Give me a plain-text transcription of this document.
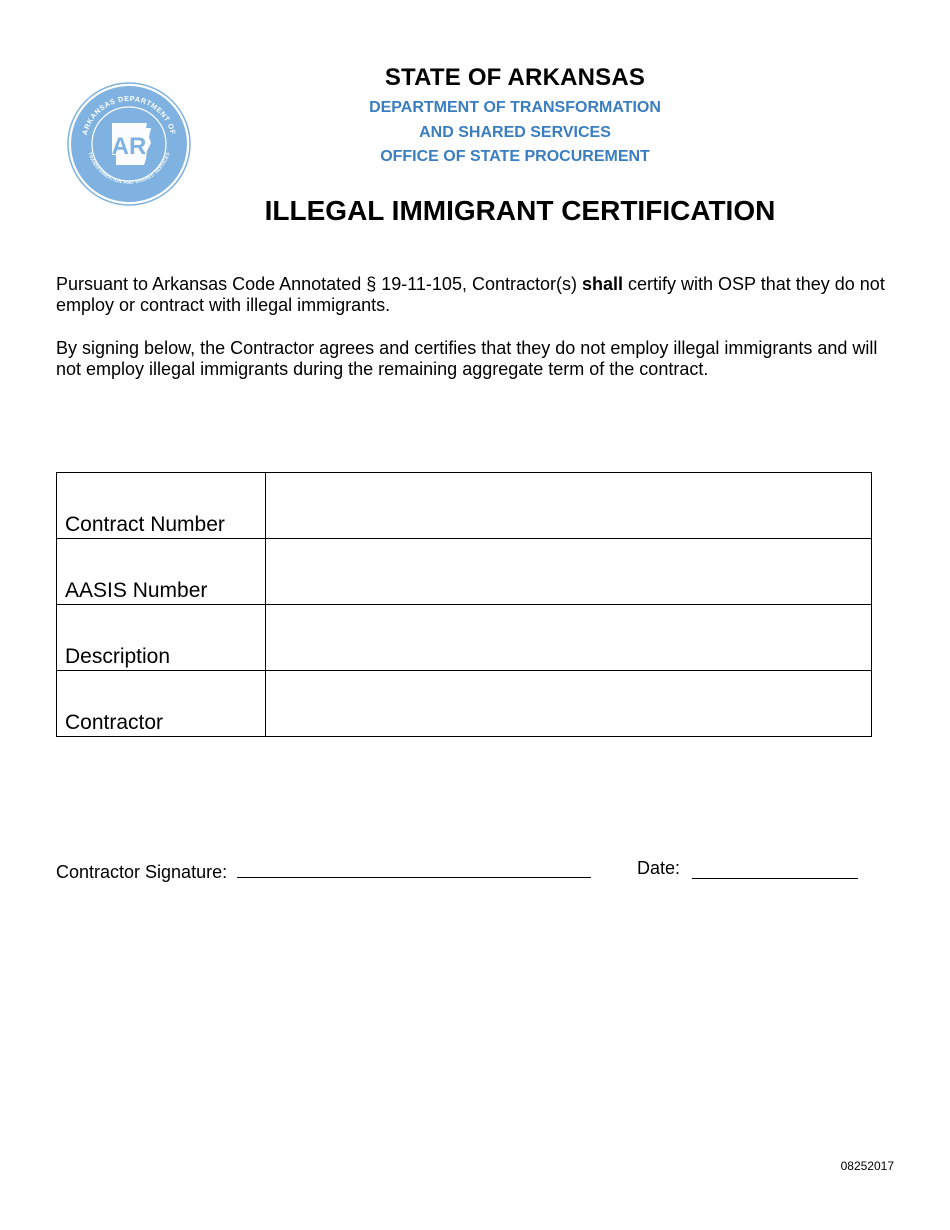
ARKANSAS DEPARTMENT OF
TRANSFORMATION AND SHARED SERVICES
AR
STATE OF ARKANSAS
DEPARTMENT OF TRANSFORMATION
AND SHARED SERVICES
OFFICE OF STATE PROCUREMENT
ILLEGAL IMMIGRANT CERTIFICATION
Pursuant to Arkansas Code Annotated § 19-11-105, Contractor(s) shall certify with OSP that they do not employ or contract with illegal immigrants.
By signing below, the Contractor agrees and certifies that they do not employ illegal immigrants and will not employ illegal immigrants during the remaining aggregate term of the contract.
Contract Number	
AASIS Number	
Description	
Contractor	
Contractor Signature:	Date:
08252017
